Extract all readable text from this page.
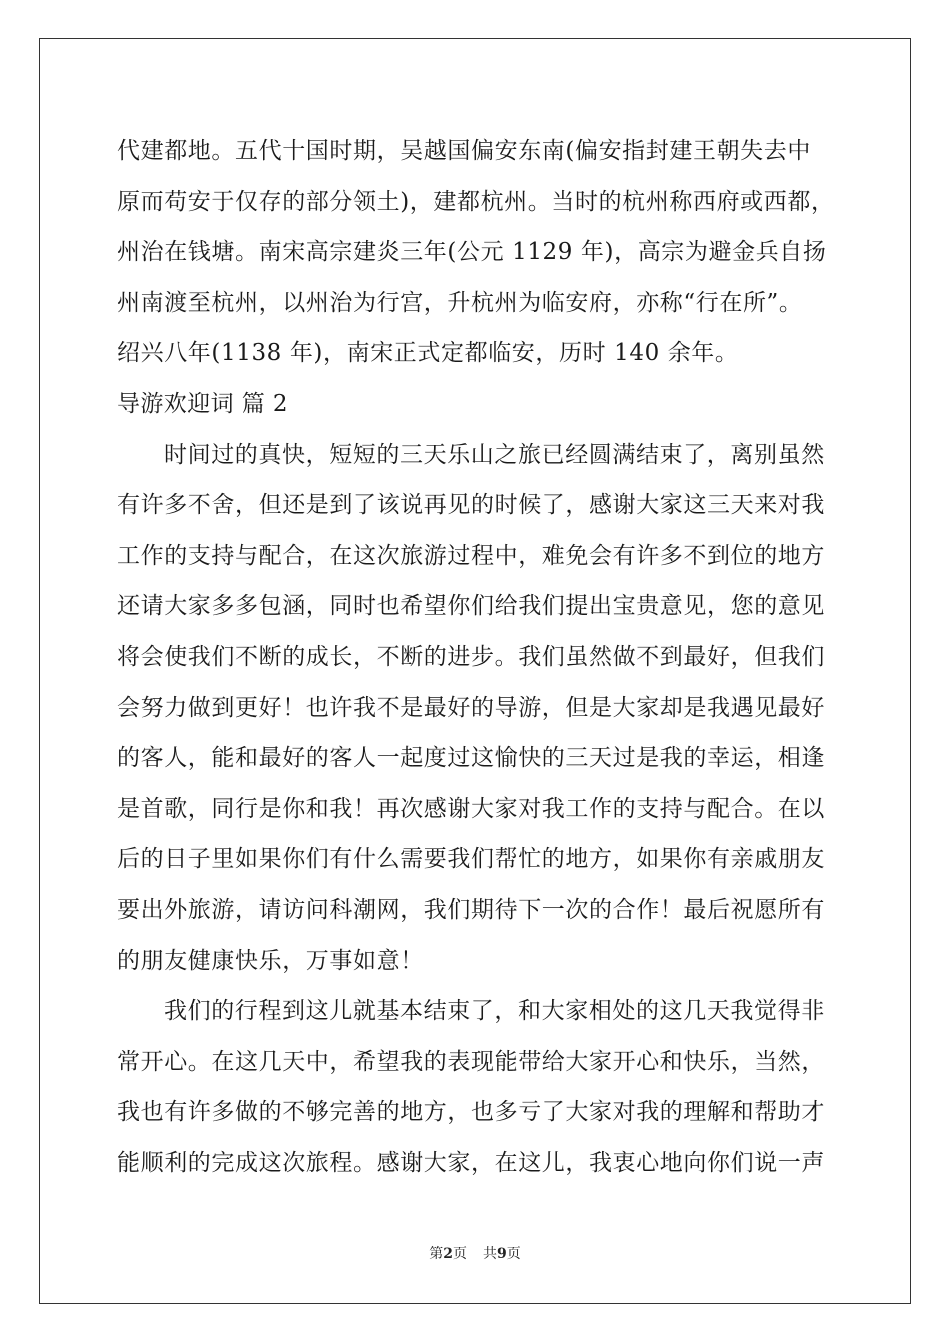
代建都地。五代十国时期，吴越国偏安东南(偏安指封建王朝失去中
原而苟安于仅存的部分领土)，建都杭州。当时的杭州称西府或西都，
州治在钱塘。南宋高宗建炎三年(公元 1129 年)，高宗为避金兵自扬
州南渡至杭州，以州治为行宫，升杭州为临安府，亦称“行在所”。
绍兴八年(1138 年)，南宋正式定都临安，历时 140 余年。
导游欢迎词 篇 2
时间过的真快，短短的三天乐山之旅已经圆满结束了，离别虽然
有许多不舍，但还是到了该说再见的时候了，感谢大家这三天来对我
工作的支持与配合，在这次旅游过程中，难免会有许多不到位的地方
还请大家多多包涵，同时也希望你们给我们提出宝贵意见，您的意见
将会使我们不断的成长，不断的进步。我们虽然做不到最好，但我们
会努力做到更好！也许我不是最好的导游，但是大家却是我遇见最好
的客人，能和最好的客人一起度过这愉快的三天过是我的幸运，相逢
是首歌，同行是你和我！再次感谢大家对我工作的支持与配合。在以
后的日子里如果你们有什么需要我们帮忙的地方，如果你有亲戚朋友
要出外旅游，请访问科潮网，我们期待下一次的合作！最后祝愿所有
的朋友健康快乐，万事如意！
我们的行程到这儿就基本结束了，和大家相处的这几天我觉得非
常开心。在这几天中，希望我的表现能带给大家开心和快乐，当然，
我也有许多做的不够完善的地方，也多亏了大家对我的理解和帮助才
能顺利的完成这次旅程。感谢大家，在这儿，我衷心地向你们说一声
第2页 共9页
